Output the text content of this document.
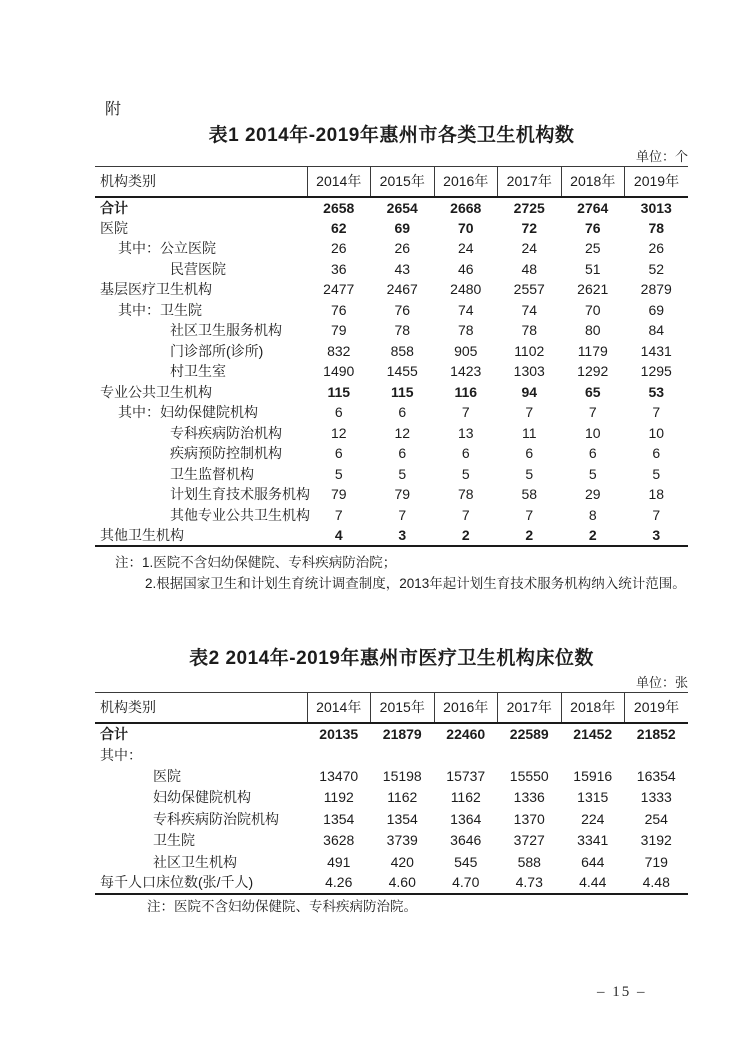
附
表1 2014年-2019年惠州市各类卫生机构数
单位：个
机构类别	2014年	2015年	2016年	2017年	2018年	2019年
合计	2658	2654	2668	2725	2764	3013
医院	62	69	70	72	76	78
其中：公立医院	26	26	24	24	25	26
民营医院	36	43	46	48	51	52
基层医疗卫生机构	2477	2467	2480	2557	2621	2879
其中：卫生院	76	76	74	74	70	69
社区卫生服务机构	79	78	78	78	80	84
门诊部所(诊所)	832	858	905	1102	1179	1431
村卫生室	1490	1455	1423	1303	1292	1295
专业公共卫生机构	115	115	116	94	65	53
其中：妇幼保健院机构	6	6	7	7	7	7
专科疾病防治机构	12	12	13	11	10	10
疾病预防控制机构	6	6	6	6	6	6
卫生监督机构	5	5	5	5	5	5
计划生育技术服务机构	79	79	78	58	29	18
其他专业公共卫生机构	7	7	7	7	8	7
其他卫生机构	4	3	2	2	2	3
注：1.医院不含妇幼保健院、专科疾病防治院；
2.根据国家卫生和计划生育统计调查制度，2013年起计划生育技术服务机构纳入统计范围。
表2 2014年-2019年惠州市医疗卫生机构床位数
单位：张
机构类别	2014年	2015年	2016年	2017年	2018年	2019年
合计	20135	21879	22460	22589	21452	21852
其中：						
医院	13470	15198	15737	15550	15916	16354
妇幼保健院机构	1192	1162	1162	1336	1315	1333
专科疾病防治院机构	1354	1354	1364	1370	224	254
卫生院	3628	3739	3646	3727	3341	3192
社区卫生机构	491	420	545	588	644	719
每千人口床位数(张/千人)	4.26	4.60	4.70	4.73	4.44	4.48
注：医院不含妇幼保健院、专科疾病防治院。
– 15 –
